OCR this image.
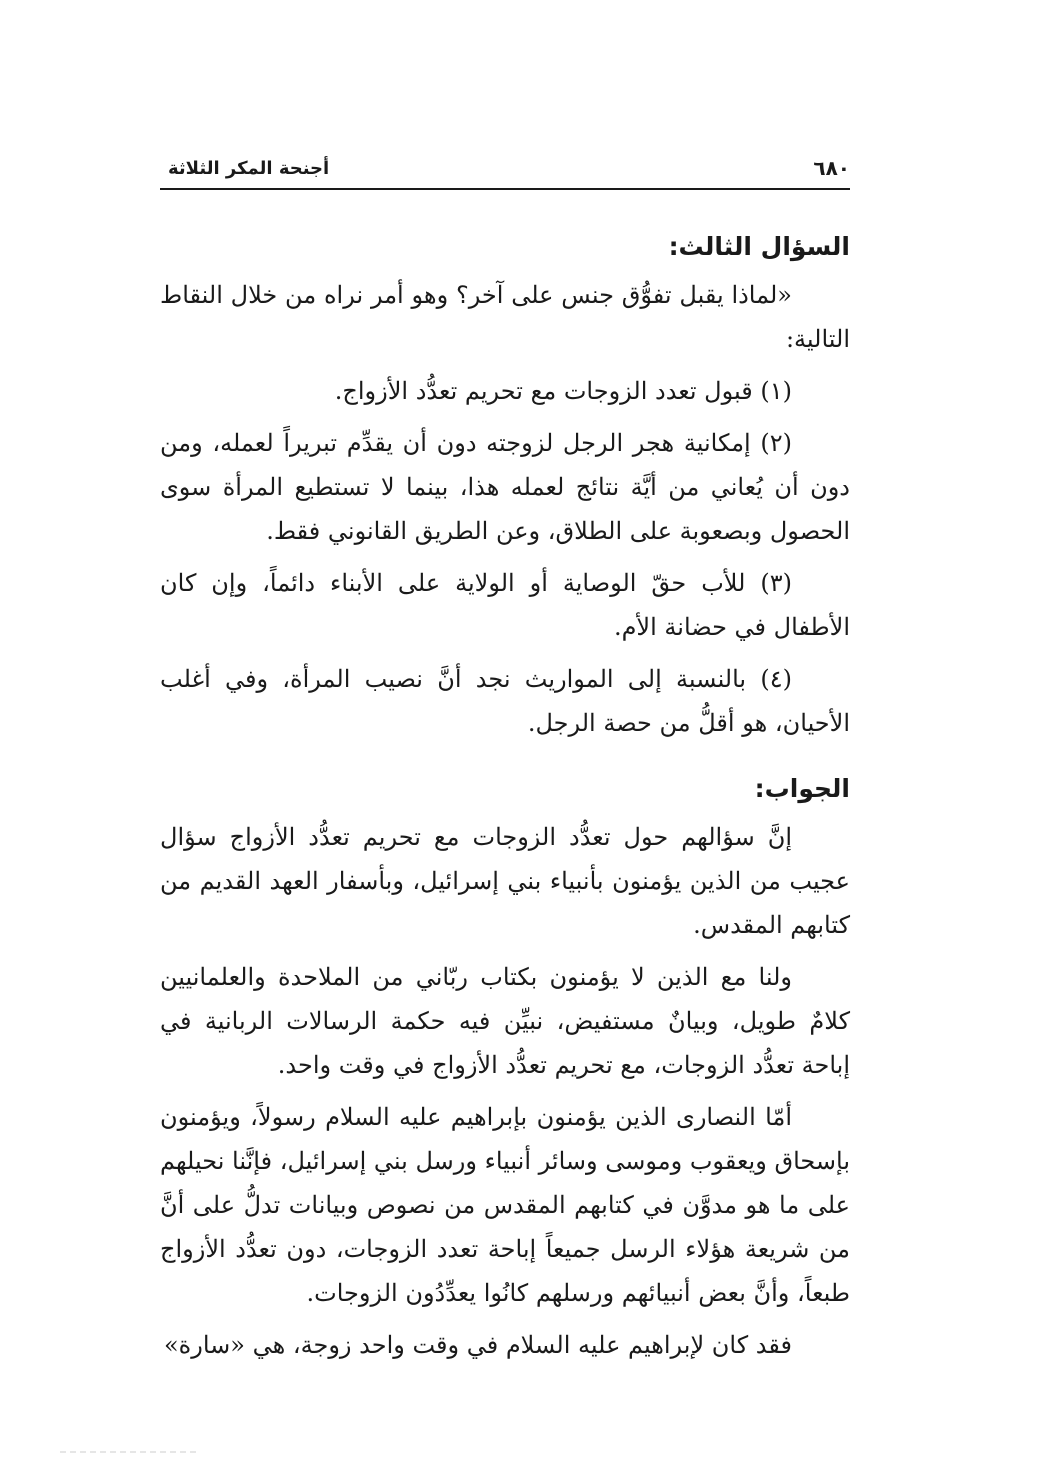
٦٨٠
أجنحة المكر الثلاثة
السؤال الثالث:

«لماذا يقبل تفوُّق جنس على آخر؟ وهو أمر نراه من خلال النقاط التالية:

(١) قبول تعدد الزوجات مع تحريم تعدُّد الأزواج.

(٢) إمكانية هجر الرجل لزوجته دون أن يقدِّم تبريراً لعمله، ومن دون أن يُعاني من أيَّة نتائج لعمله هذا، بينما لا تستطيع المرأة سوى الحصول وبصعوبة على الطلاق، وعن الطريق القانوني فقط.

(٣) للأب حقّ الوصاية أو الولاية على الأبناء دائماً، وإن كان الأطفال في حضانة الأم.

(٤) بالنسبة إلى المواريث نجد أنَّ نصيب المرأة، وفي أغلب الأحيان، هو أقلُّ من حصة الرجل.

الجواب:

إنَّ سؤالهم حول تعدُّد الزوجات مع تحريم تعدُّد الأزواج سؤال عجيب من الذين يؤمنون بأنبياء بني إسرائيل، وبأسفار العهد القديم من كتابهم المقدس.

ولنا مع الذين لا يؤمنون بكتاب ربّاني من الملاحدة والعلمانيين كلامٌ طويل، وبيانٌ مستفيض، نبيِّن فيه حكمة الرسالات الربانية في إباحة تعدُّد الزوجات، مع تحريم تعدُّد الأزواج في وقت واحد.

أمّا النصارى الذين يؤمنون بإبراهيم عليه السلام رسولاً، ويؤمنون بإسحاق ويعقوب وموسى وسائر أنبياء ورسل بني إسرائيل، فإنَّنا نحيلهم على ما هو مدوَّن في كتابهم المقدس من نصوص وبيانات تدلُّ على أنَّ من شريعة هؤلاء الرسل جميعاً إباحة تعدد الزوجات، دون تعدُّد الأزواج طبعاً، وأنَّ بعض أنبيائهم ورسلهم كانُوا يعدِّدُون الزوجات.

فقد كان لإبراهيم عليه السلام في وقت واحد زوجة، هي «سارة»
